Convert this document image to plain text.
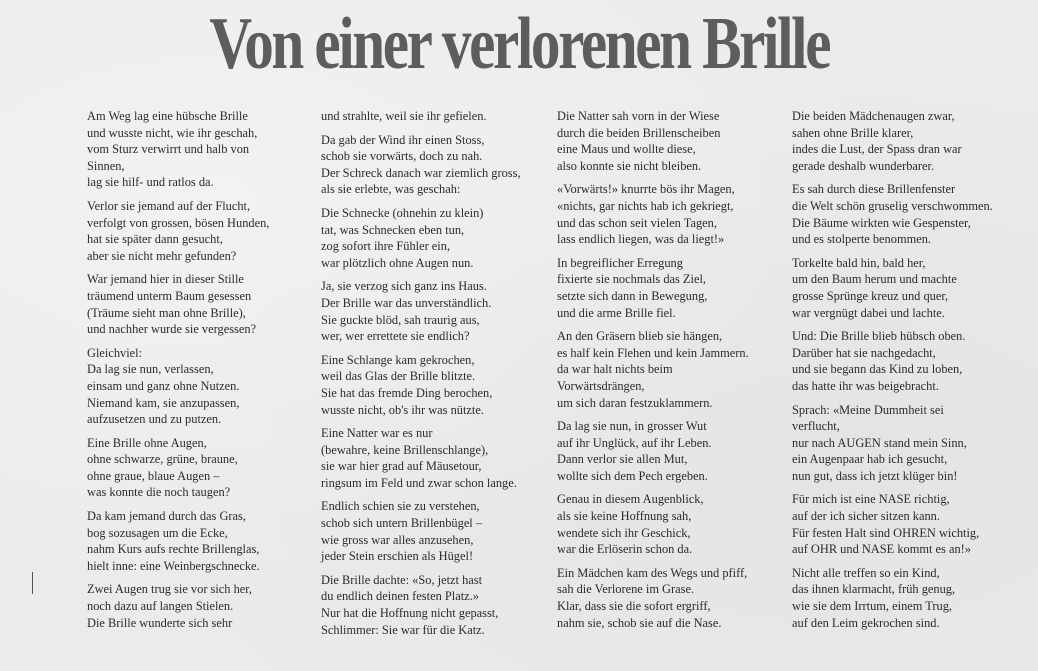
Von einer verlorenen Brille
Am Weg lag eine hübsche Brille
und wusste nicht, wie ihr geschah,
vom Sturz verwirrt und halb von
Sinnen,
lag sie hilf- und ratlos da.
Verlor sie jemand auf der Flucht,
verfolgt von grossen, bösen Hunden,
hat sie später dann gesucht,
aber sie nicht mehr gefunden?
War jemand hier in dieser Stille
träumend unterm Baum gesessen
(Träume sieht man ohne Brille),
und nachher wurde sie vergessen?
Gleichviel:
Da lag sie nun, verlassen,
einsam und ganz ohne Nutzen.
Niemand kam, sie anzupassen,
aufzusetzen und zu putzen.
Eine Brille ohne Augen,
ohne schwarze, grüne, braune,
ohne graue, blaue Augen –
was konnte die noch taugen?
Da kam jemand durch das Gras,
bog sozusagen um die Ecke,
nahm Kurs aufs rechte Brillenglas,
hielt inne: eine Weinbergschnecke.
Zwei Augen trug sie vor sich her,
noch dazu auf langen Stielen.
Die Brille wunderte sich sehr
und strahlte, weil sie ihr gefielen.
Da gab der Wind ihr einen Stoss,
schob sie vorwärts, doch zu nah.
Der Schreck danach war ziemlich gross,
als sie erlebte, was geschah:
Die Schnecke (ohnehin zu klein)
tat, was Schnecken eben tun,
zog sofort ihre Fühler ein,
war plötzlich ohne Augen nun.
Ja, sie verzog sich ganz ins Haus.
Der Brille war das unverständlich.
Sie guckte blöd, sah traurig aus,
wer, wer errettete sie endlich?
Eine Schlange kam gekrochen,
weil das Glas der Brille blitzte.
Sie hat das fremde Ding berochen,
wusste nicht, ob's ihr was nützte.
Eine Natter war es nur
(bewahre, keine Brillenschlange),
sie war hier grad auf Mäusetour,
ringsum im Feld und zwar schon lange.
Endlich schien sie zu verstehen,
schob sich untern Brillenbügel –
wie gross war alles anzusehen,
jeder Stein erschien als Hügel!
Die Brille dachte: «So, jetzt hast
du endlich deinen festen Platz.»
Nur hat die Hoffnung nicht gepasst,
Schlimmer: Sie war für die Katz.
Die Natter sah vorn in der Wiese
durch die beiden Brillenscheiben
eine Maus und wollte diese,
also konnte sie nicht bleiben.
«Vorwärts!» knurrte bös ihr Magen,
«nichts, gar nichts hab ich gekriegt,
und das schon seit vielen Tagen,
lass endlich liegen, was da liegt!»
In begreiflicher Erregung
fixierte sie nochmals das Ziel,
setzte sich dann in Bewegung,
und die arme Brille fiel.
An den Gräsern blieb sie hängen,
es half kein Flehen und kein Jammern.
da war halt nichts beim
Vorwärtsdrängen,
um sich daran festzuklammern.
Da lag sie nun, in grosser Wut
auf ihr Unglück, auf ihr Leben.
Dann verlor sie allen Mut,
wollte sich dem Pech ergeben.
Genau in diesem Augenblick,
als sie keine Hoffnung sah,
wendete sich ihr Geschick,
war die Erlöserin schon da.
Ein Mädchen kam des Wegs und pfiff,
sah die Verlorene im Grase.
Klar, dass sie die sofort ergriff,
nahm sie, schob sie auf die Nase.
Die beiden Mädchenaugen zwar,
sahen ohne Brille klarer,
indes die Lust, der Spass dran war
gerade deshalb wunderbarer.
Es sah durch diese Brillenfenster
die Welt schön gruselig verschwommen.
Die Bäume wirkten wie Gespenster,
und es stolperte benommen.
Torkelte bald hin, bald her,
um den Baum herum und machte
grosse Sprünge kreuz und quer,
war vergnügt dabei und lachte.
Und: Die Brille blieb hübsch oben.
Darüber hat sie nachgedacht,
und sie begann das Kind zu loben,
das hatte ihr was beigebracht.
Sprach: «Meine Dummheit sei
verflucht,
nur nach AUGEN stand mein Sinn,
ein Augenpaar hab ich gesucht,
nun gut, dass ich jetzt klüger bin!
Für mich ist eine NASE richtig,
auf der ich sicher sitzen kann.
Für festen Halt sind OHREN wichtig,
auf OHR und NASE kommt es an!»
Nicht alle treffen so ein Kind,
das ihnen klarmacht, früh genug,
wie sie dem Irrtum, einem Trug,
auf den Leim gekrochen sind.
